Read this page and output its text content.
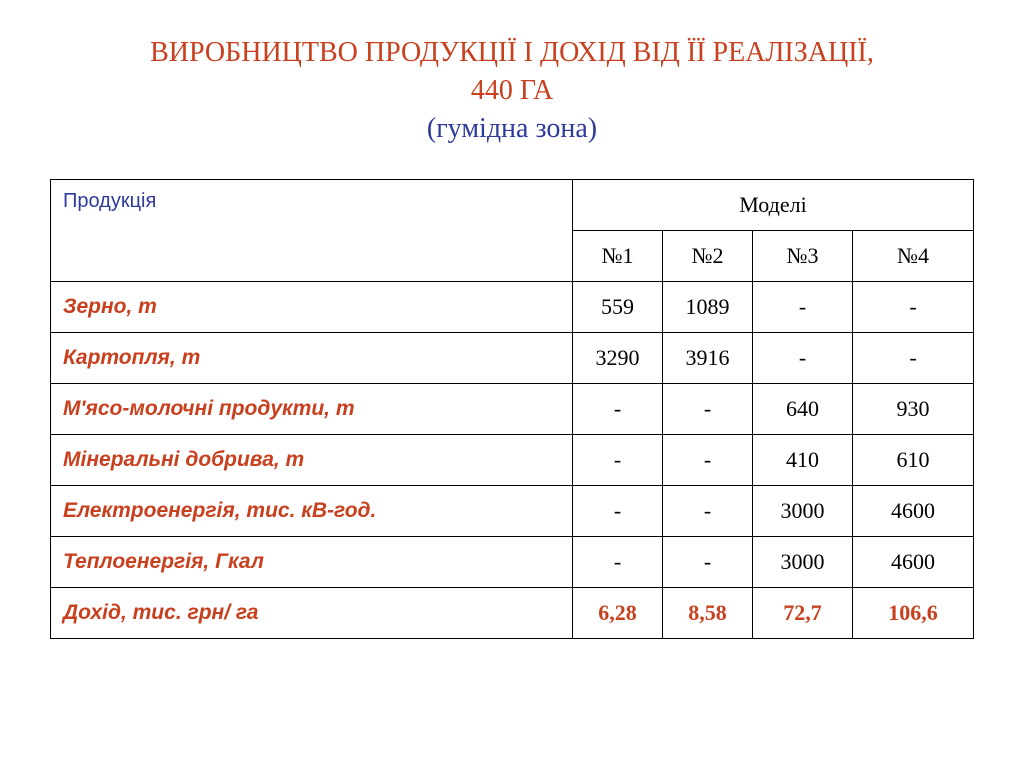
ВИРОБНИЦТВО ПРОДУКЦІЇ І ДОХІД ВІД ЇЇ РЕАЛІЗАЦІЇ,
440 ГА
(гумідна зона)
Продукція	Моделі			
	№1	№2	№3	№4
Зерно, т	559	1089	-	-
Картопля, т	3290	3916	-	-
М'ясо-молочні продукти, т	-	-	640	930
Мінеральні добрива, т	-	-	410	610
Електроенергія, тис. кВ-год.	-	-	3000	4600
Теплоенергія, Гкал	-	-	3000	4600
Дохід, тис. грн/ га	6,28	8,58	72,7	106,6
